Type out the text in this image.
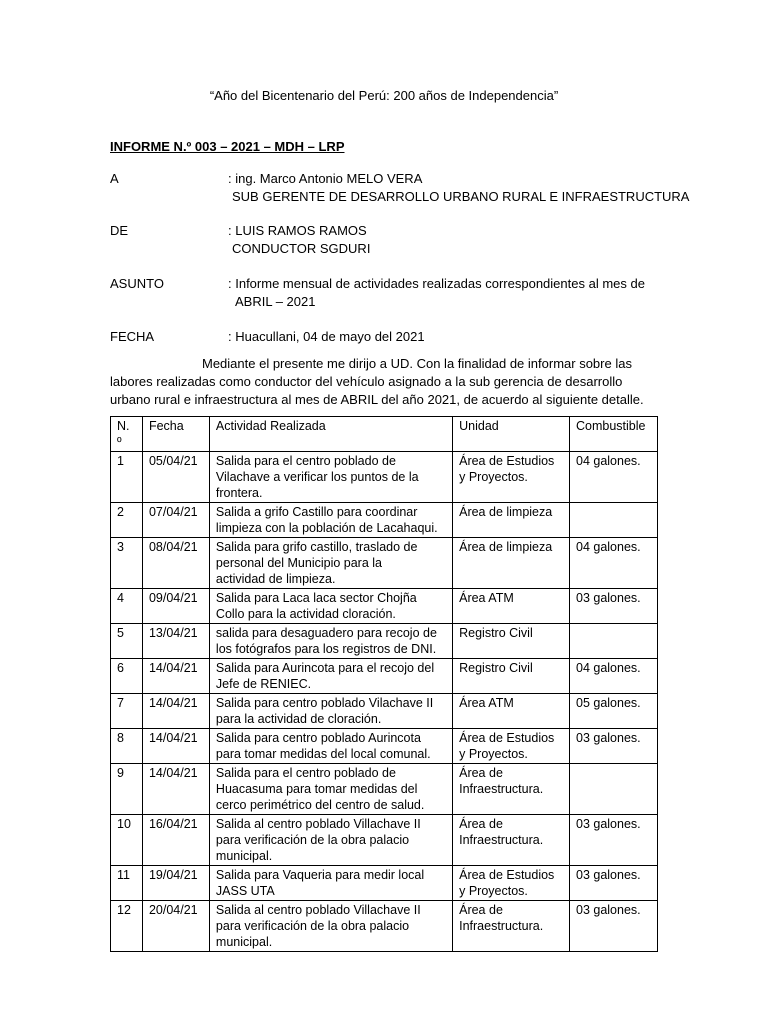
“Año del Bicentenario del Perú: 200 años de Independencia”
INFORME N.º 003 – 2021 – MDH – LRP
A	: ing. Marco Antonio MELO VERA
SUB GERENTE DE DESARROLLO URBANO RURAL E INFRAESTRUCTURA
DE	: LUIS RAMOS RAMOS
CONDUCTOR SGDURI
ASUNTO	: Informe mensual de actividades realizadas correspondientes al mes de
ABRIL – 2021
FECHA	: Huacullani, 04 de mayo del 2021
Mediante el presente me dirijo a UD. Con la finalidad de informar sobre las
labores realizadas como conductor del vehículo asignado a la sub gerencia de desarrollo
urbano rural e infraestructura al mes de ABRIL del año 2021, de acuerdo al siguiente detalle.
N.
º	Fecha	Actividad Realizada	Unidad	Combustible
1	05/04/21	Salida para el centro poblado de
Vilachave a verificar los puntos de la
frontera.	Área de Estudios
y Proyectos.	04 galones.
2	07/04/21	Salida a grifo Castillo para coordinar
limpieza con la población de Lacahaqui.	Área de limpieza	
3	08/04/21	Salida para grifo castillo, traslado de
personal del Municipio para la
actividad de limpieza.	Área de limpieza	04 galones.
4	09/04/21	Salida para Laca laca sector Chojña
Collo para la actividad cloración.	Área ATM	03 galones.
5	13/04/21	salida para desaguadero para recojo de
los fotógrafos para los registros de DNI.	Registro Civil	
6	14/04/21	Salida para Aurincota para el recojo del
Jefe de RENIEC.	Registro Civil	04 galones.
7	14/04/21	Salida para centro poblado Vilachave II
para la actividad de cloración.	Área ATM	05 galones.
8	14/04/21	Salida para centro poblado Aurincota
para tomar medidas del local comunal.	Área de Estudios
y Proyectos.	03 galones.
9	14/04/21	Salida para el centro poblado de
Huacasuma para tomar medidas del
cerco perimétrico del centro de salud.	Área de
Infraestructura.	
10	16/04/21	Salida al centro poblado Villachave II
para verificación de la obra palacio
municipal.	Área de
Infraestructura.	03 galones.
11	19/04/21	Salida para Vaqueria para medir local
JASS UTA	Área de Estudios
y Proyectos.	03 galones.
12	20/04/21	Salida al centro poblado Villachave II
para verificación de la obra palacio
municipal.	Área de
Infraestructura.	03 galones.
